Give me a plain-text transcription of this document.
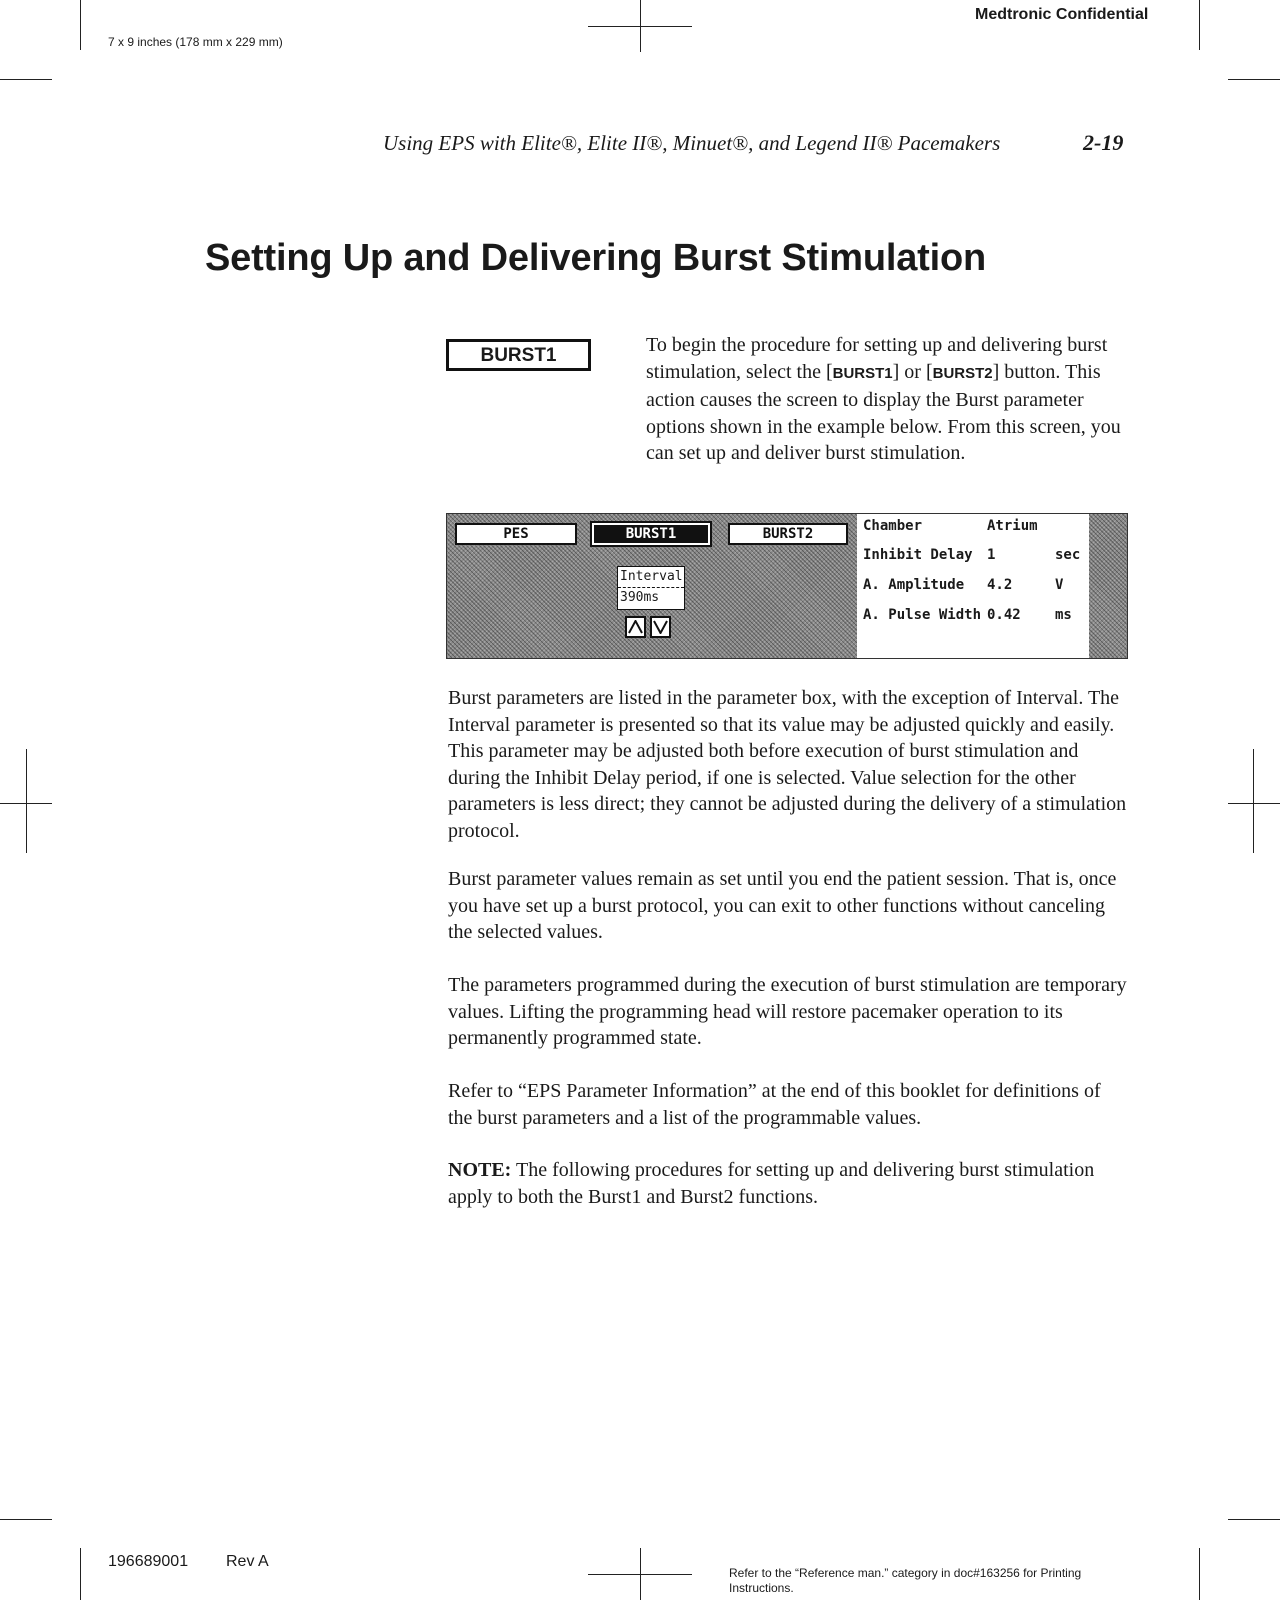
Medtronic Confidential
7 x 9 inches (178 mm x 229 mm)
Using EPS with Elite®, Elite II®, Minuet®, and Legend II® Pacemakers	2-19
Setting Up and Delivering Burst Stimulation
BURST1	To begin the procedure for setting up and delivering burst stimulation, select the [BURST1] or [BURST2] button. This action causes the screen to display the Burst parameter options shown in the example below. From this screen, you can set up and deliver burst stimulation.
PES	BURST1	BURST2
Interval
390ms
Chamber	Atrium
Inhibit Delay 1	sec
A. Amplitude 4.2	V
A. Pulse Width 0.42 ms
Burst parameters are listed in the parameter box, with the exception of Interval. The Interval parameter is presented so that its value may be adjusted quickly and easily. This parameter may be adjusted both before execution of burst stimulation and during the Inhibit Delay period, if one is selected. Value selection for the other parameters is less direct; they cannot be adjusted during the delivery of a stimulation protocol.
Burst parameter values remain as set until you end the patient session. That is, once you have set up a burst protocol, you can exit to other functions without canceling the selected values.
The parameters programmed during the execution of burst stimulation are temporary values. Lifting the programming head will restore pacemaker operation to its permanently programmed state.
Refer to “EPS Parameter Information” at the end of this booklet for definitions of the burst parameters and a list of the programmable values.
NOTE: The following procedures for setting up and delivering burst stimulation apply to both the Burst1 and Burst2 functions.
196689001 Rev A
Refer to the “Reference man.” category in doc#163256 for Printing Instructions.
